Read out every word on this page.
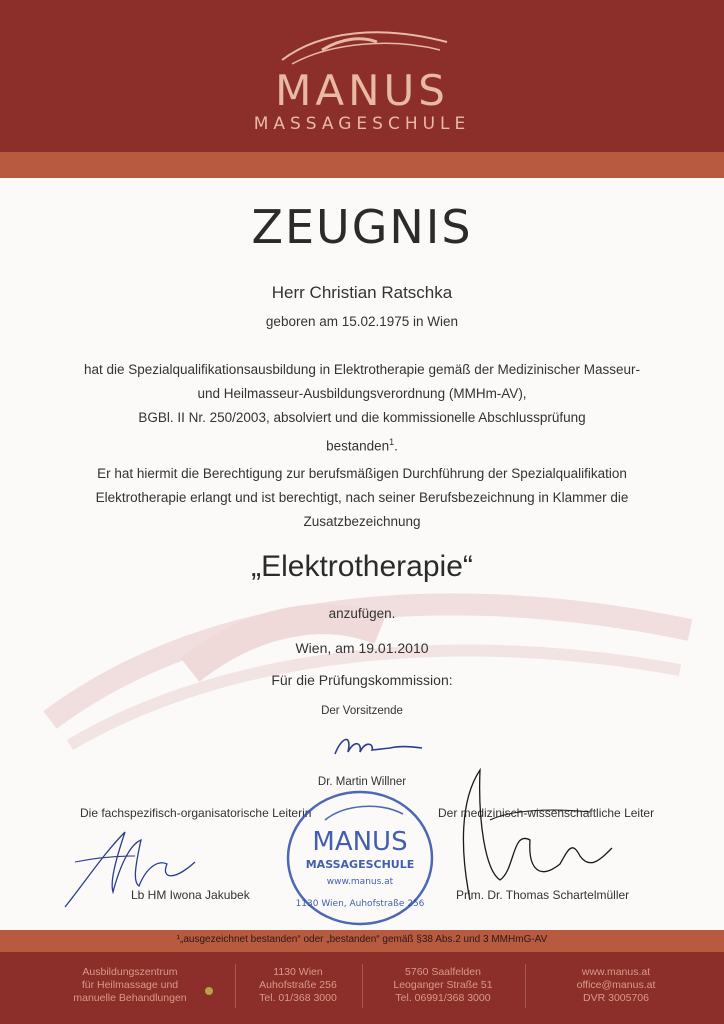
MANUS
MASSAGESCHULE
ZEUGNIS
Herr Christian Ratschka
geboren am 15.02.1975 in Wien
hat die Spezialqualifikationsausbildung in Elektrotherapie gemäß der Medizinischer Masseur-
und Heilmasseur-Ausbildungsverordnung (MMHm-AV),
BGBl. II Nr. 250/2003, absolviert und die kommissionelle Abschlussprüfung
bestanden$^1$.
Er hat hiermit die Berechtigung zur berufsmäßigen Durchführung der Spezialqualifikation
Elektrotherapie erlangt und ist berechtigt, nach seiner Berufsbezeichnung in Klammer die
Zusatzbezeichnung
„Elektrotherapie“
anzufügen.
Wien, am 19.01.2010
Für die Prüfungskommission:
Der Vorsitzende
Dr. Martin Willner
Die fachspezifisch-organisatorische Leiterin	Der medizinisch-wissenschaftliche Leiter
Lb HM Iwona Jakubek	Prim. Dr. Thomas Schartelmüller
MANUS
MASSAGESCHULE
www.manus.at
1130 Wien, Auhofstraße 256
¹„ausgezeichnet bestanden“ oder „bestanden“ gemäß §38 Abs.2 und 3 MMHmG-AV
Ausbildungszentrum
für Heilmassage und
manuelle Behandlungen
1130 Wien
Auhofstraße 256
Tel. 01/368 3000
5760 Saalfelden
Leoganger Straße 51
Tel. 06991/368 3000
www.manus.at
office@manus.at
DVR 3005706
